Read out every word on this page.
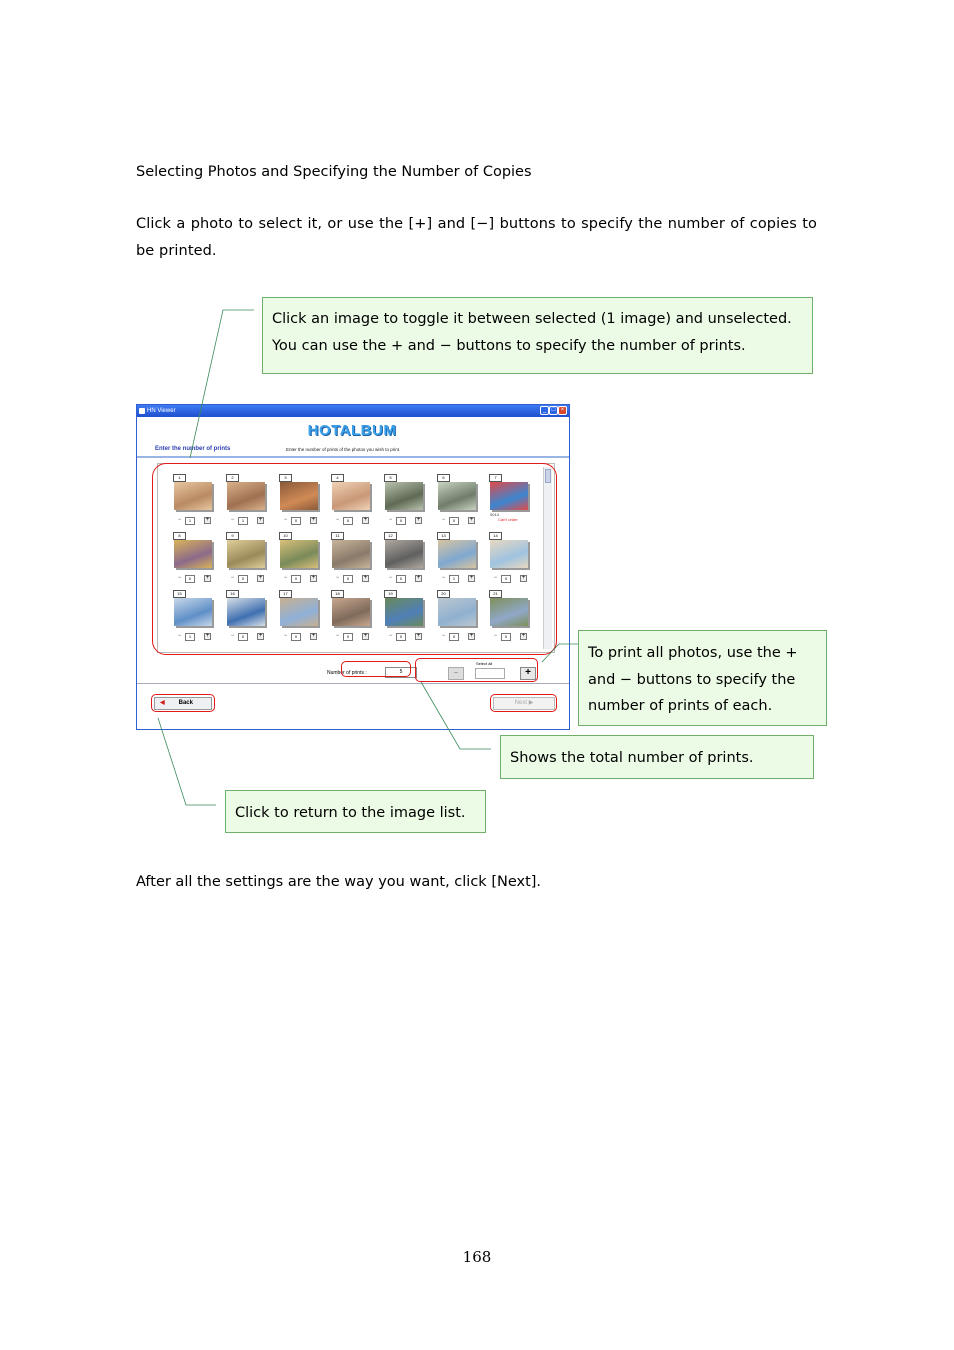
Selecting Photos and Specifying the Number of Copies
Click a photo to select it, or use the [+] and [−] buttons to specify the number of copies to be printed.
Click an image to toggle it between selected (1 image) and unselected. You can use the + and − buttons to specify the number of prints.
To print all photos, use the + and − buttons to specify the number of prints of each.
Shows the total number of prints.
Click to return to the image list.
HN Viewer	_ □ ×
HOTALBUM
Enter the number of prints	Enter the number of prints of the photos you wish to print.
1
−	1	+
2
−	1	+
3
−	0	+
4
−	0	+
5
−	0	+
6
−	0	+
7
0014
Can't order
8
−	0	+
9
−	0	+
10
−	0	+
11
−	0	+
12
−	0	+
13
−	1	+
14
−	0	+
15
−	1	+
16
−	0	+
17
−	0	+
18
−	0	+
19
−	0	+
20
−	0	+
21
−	0	+
Number of prints :	5
Select all
−	+
◀ Back	Next ▶
After all the settings are the way you want, click [Next].
168
